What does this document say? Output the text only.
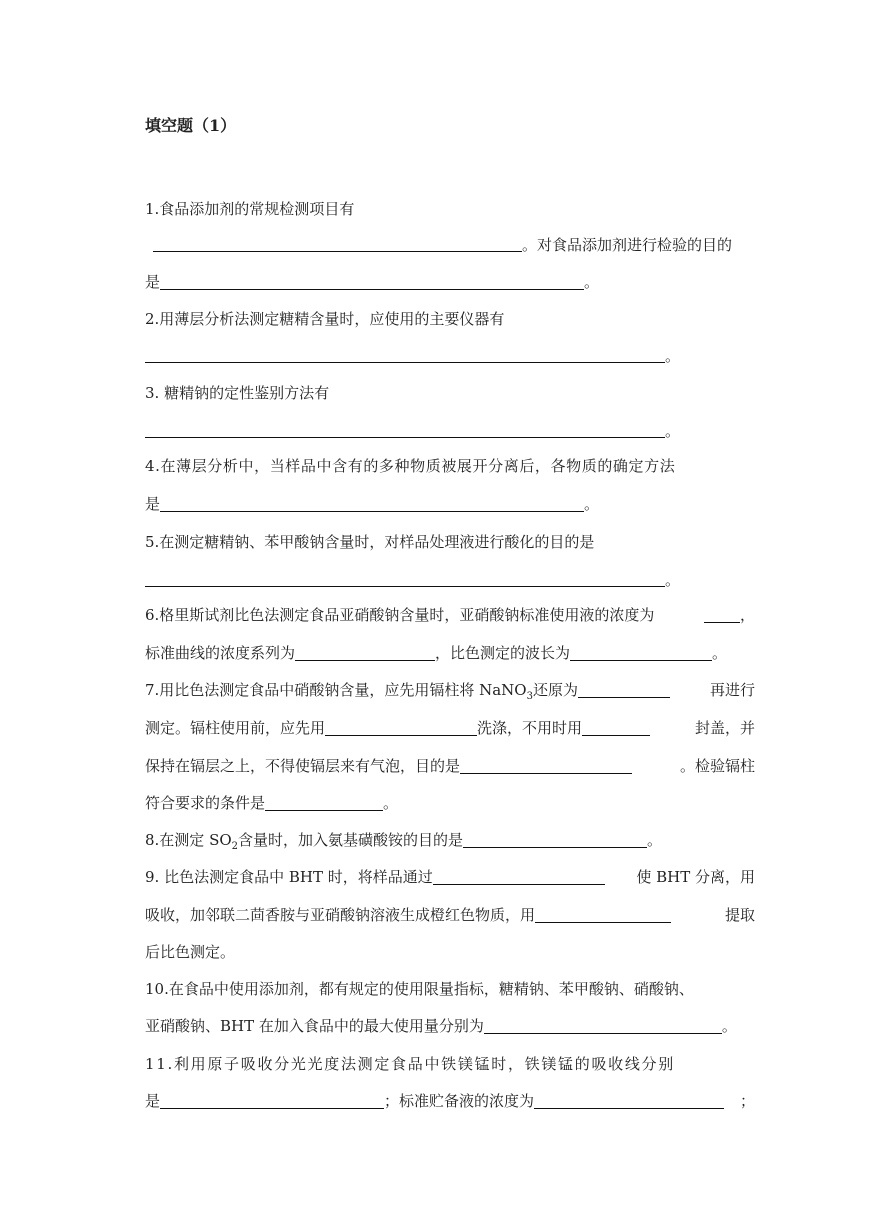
填空题（1）
1.食品添加剂的常规检测项目有
。对食品添加剂进行检验的目的
是	。
2.用薄层分析法测定糖精含量时，应使用的主要仪器有
。
3. 糖精钠的定性鉴别方法有
。
4.在薄层分析中，当样品中含有的多种物质被展开分离后，各物质的确定方法
是	。
5.在测定糖精钠、苯甲酸钠含量时，对样品处理液进行酸化的目的是
。
6.格里斯试剂比色法测定食品亚硝酸钠含量时，亚硝酸钠标准使用液的浓度为	，
标准曲线的浓度系列为	，比色测定的波长为	。
7.用比色法测定食品中硝酸钠含量，应先用镉柱将 NaNO$_3$还原为	再进行
测定。镉柱使用前，应先用	洗涤，不用时用	封盖，并
保持在镉层之上，不得使镉层来有气泡，目的是	。检验镉柱
符合要求的条件是	。
8.在测定 $SO_2$含量时，加入氨基磺酸铵的目的是	。
9. 比色法测定食品中 BHT 时，将样品通过	使 BHT 分离，用
吸收，加邻联二茴香胺与亚硝酸钠溶液生成橙红色物质，用	提取
后比色测定。
10.在食品中使用添加剂，都有规定的使用限量指标，糖精钠、苯甲酸钠、硝酸钠、
亚硝酸钠、BHT 在加入食品中的最大使用量分别为	。
11.利用原子吸收分光光度法测定食品中铁镁锰时，铁镁锰的吸收线分别
是	；标准贮备液的浓度为	；
